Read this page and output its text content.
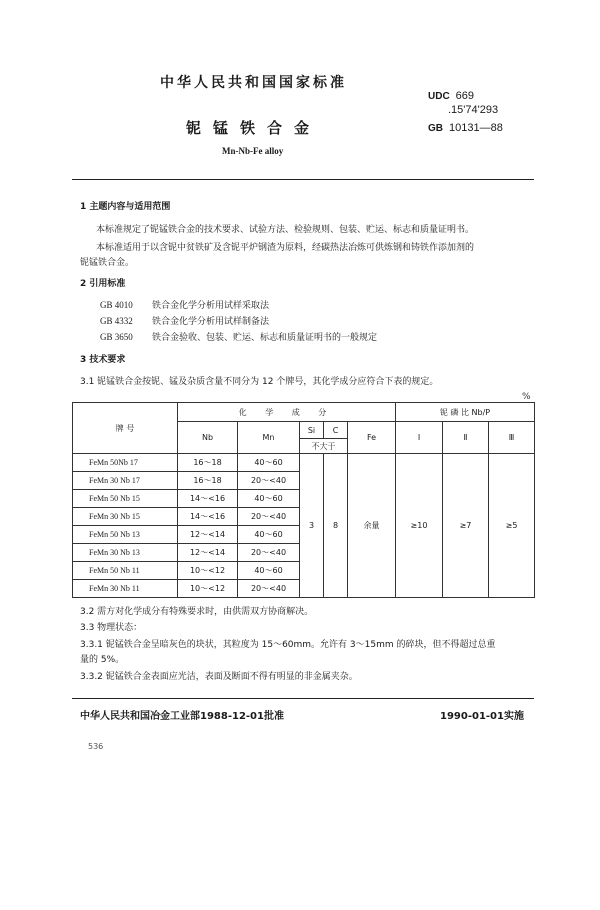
中华人民共和国国家标准
铌锰铁合金
Mn-Nb-Fe alloy
UDC 669
.15'74'293
GB 10131—88
1 主题内容与适用范围
本标准规定了铌锰铁合金的技术要求、试验方法、检验规则、包装、贮运、标志和质量证明书。
本标准适用于以含铌中贫铁矿及含铌平炉钢渣为原料，经碳热法冶炼可供炼钢和铸铁作添加剂的
铌锰铁合金。
2 引用标准
GB 4010 铁合金化学分析用试样采取法
GB 4332 铁合金化学分析用试样制备法
GB 3650 铁合金验收、包装、贮运、标志和质量证明书的一般规定
3 技术要求
3.1 铌锰铁合金按铌、锰及杂质含量不同分为 12 个牌号，其化学成分应符合下表的规定。
%
牌 号	化 学 成 分					铌 磷 比 Nb/P		
	Nb	Mn	Si	C	Fe	Ⅰ	Ⅱ	Ⅲ
			不大于					
FeMn 50Nb 17	16～18	40～60	3	8	余量	≥10	≥7	≥5
FeMn 30 Nb 17	16～18	20～<40						
FeMn 50 Nb 15	14～<16	40～60						
FeMn 30 Nb 15	14～<16	20～<40						
FeMn 50 Nb 13	12～<14	40～60						
FeMn 30 Nb 13	12～<14	20～<40						
FeMn 50 Nb 11	10～<12	40～60						
FeMn 30 Nb 11	10～<12	20～<40						
3.2 需方对化学成分有特殊要求时，由供需双方协商解决。
3.3 物理状态：
3.3.1 铌锰铁合金呈暗灰色的块状，其粒度为 15～60mm。允许有 3～15mm 的碎块，但不得超过总重
量的 5%。
3.3.2 铌锰铁合金表面应光洁，表面及断面不得有明显的非金属夹杂。
中华人民共和国冶金工业部1988-12-01批准	1990-01-01实施
536
